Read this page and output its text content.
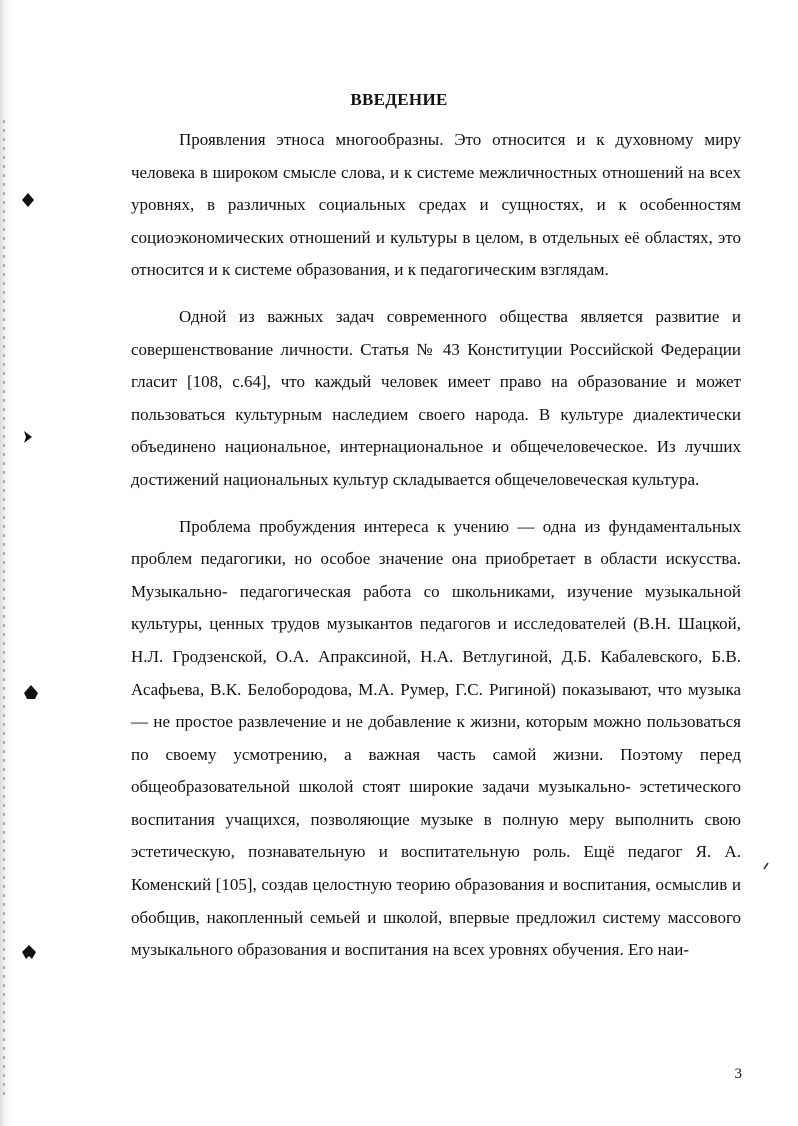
ВВЕДЕНИЕ

Проявления этноса многообразны. Это относится и к духовному миру человека в широком смысле слова, и к системе межличностных отношений на всех уровнях, в различных социальных средах и сущностях, и к особенностям социоэкономических отношений и культуры в целом, в отдельных её областях, это относится и к системе образования, и к педагогическим взглядам.

Одной из важных задач современного общества является развитие и совершенствование личности. Статья № 43 Конституции Российской Федерации гласит [108, с.64], что каждый человек имеет право на образование и может пользоваться культурным наследием своего народа. В культуре диалектически объединено национальное, интернациональное и общечеловеческое. Из лучших достижений национальных культур складывается общечеловеческая культура.

Проблема пробуждения интереса к учению — одна из фундаментальных проблем педагогики, но особое значение она приобретает в области искусства. Музыкально- педагогическая работа со школьниками, изучение музыкальной культуры, ценных трудов музыкантов педагогов и исследователей (В.Н. Шацкой, Н.Л. Гродзенской, О.А. Апраксиной, Н.А. Ветлугиной, Д.Б. Кабалевского, Б.В. Асафьева, В.К. Белобородова, М.А. Румер, Г.С. Ригиной) показывают, что музыка — не простое развлечение и не добавление к жизни, которым можно пользоваться по своему усмотрению, а важная часть самой жизни. Поэтому перед общеобразовательной школой стоят широкие задачи музыкально- эстетического воспитания учащихся, позволяющие музыке в полную меру выполнить свою эстетическую, познавательную и воспитательную роль. Ещё педагог Я. А. Коменский [105], создав целостную теорию образования и воспитания, осмыслив и обобщив, накопленный семьей и школой, впервые предложил систему массового музыкального образования и воспитания на всех уровнях обучения. Его наи-

3
